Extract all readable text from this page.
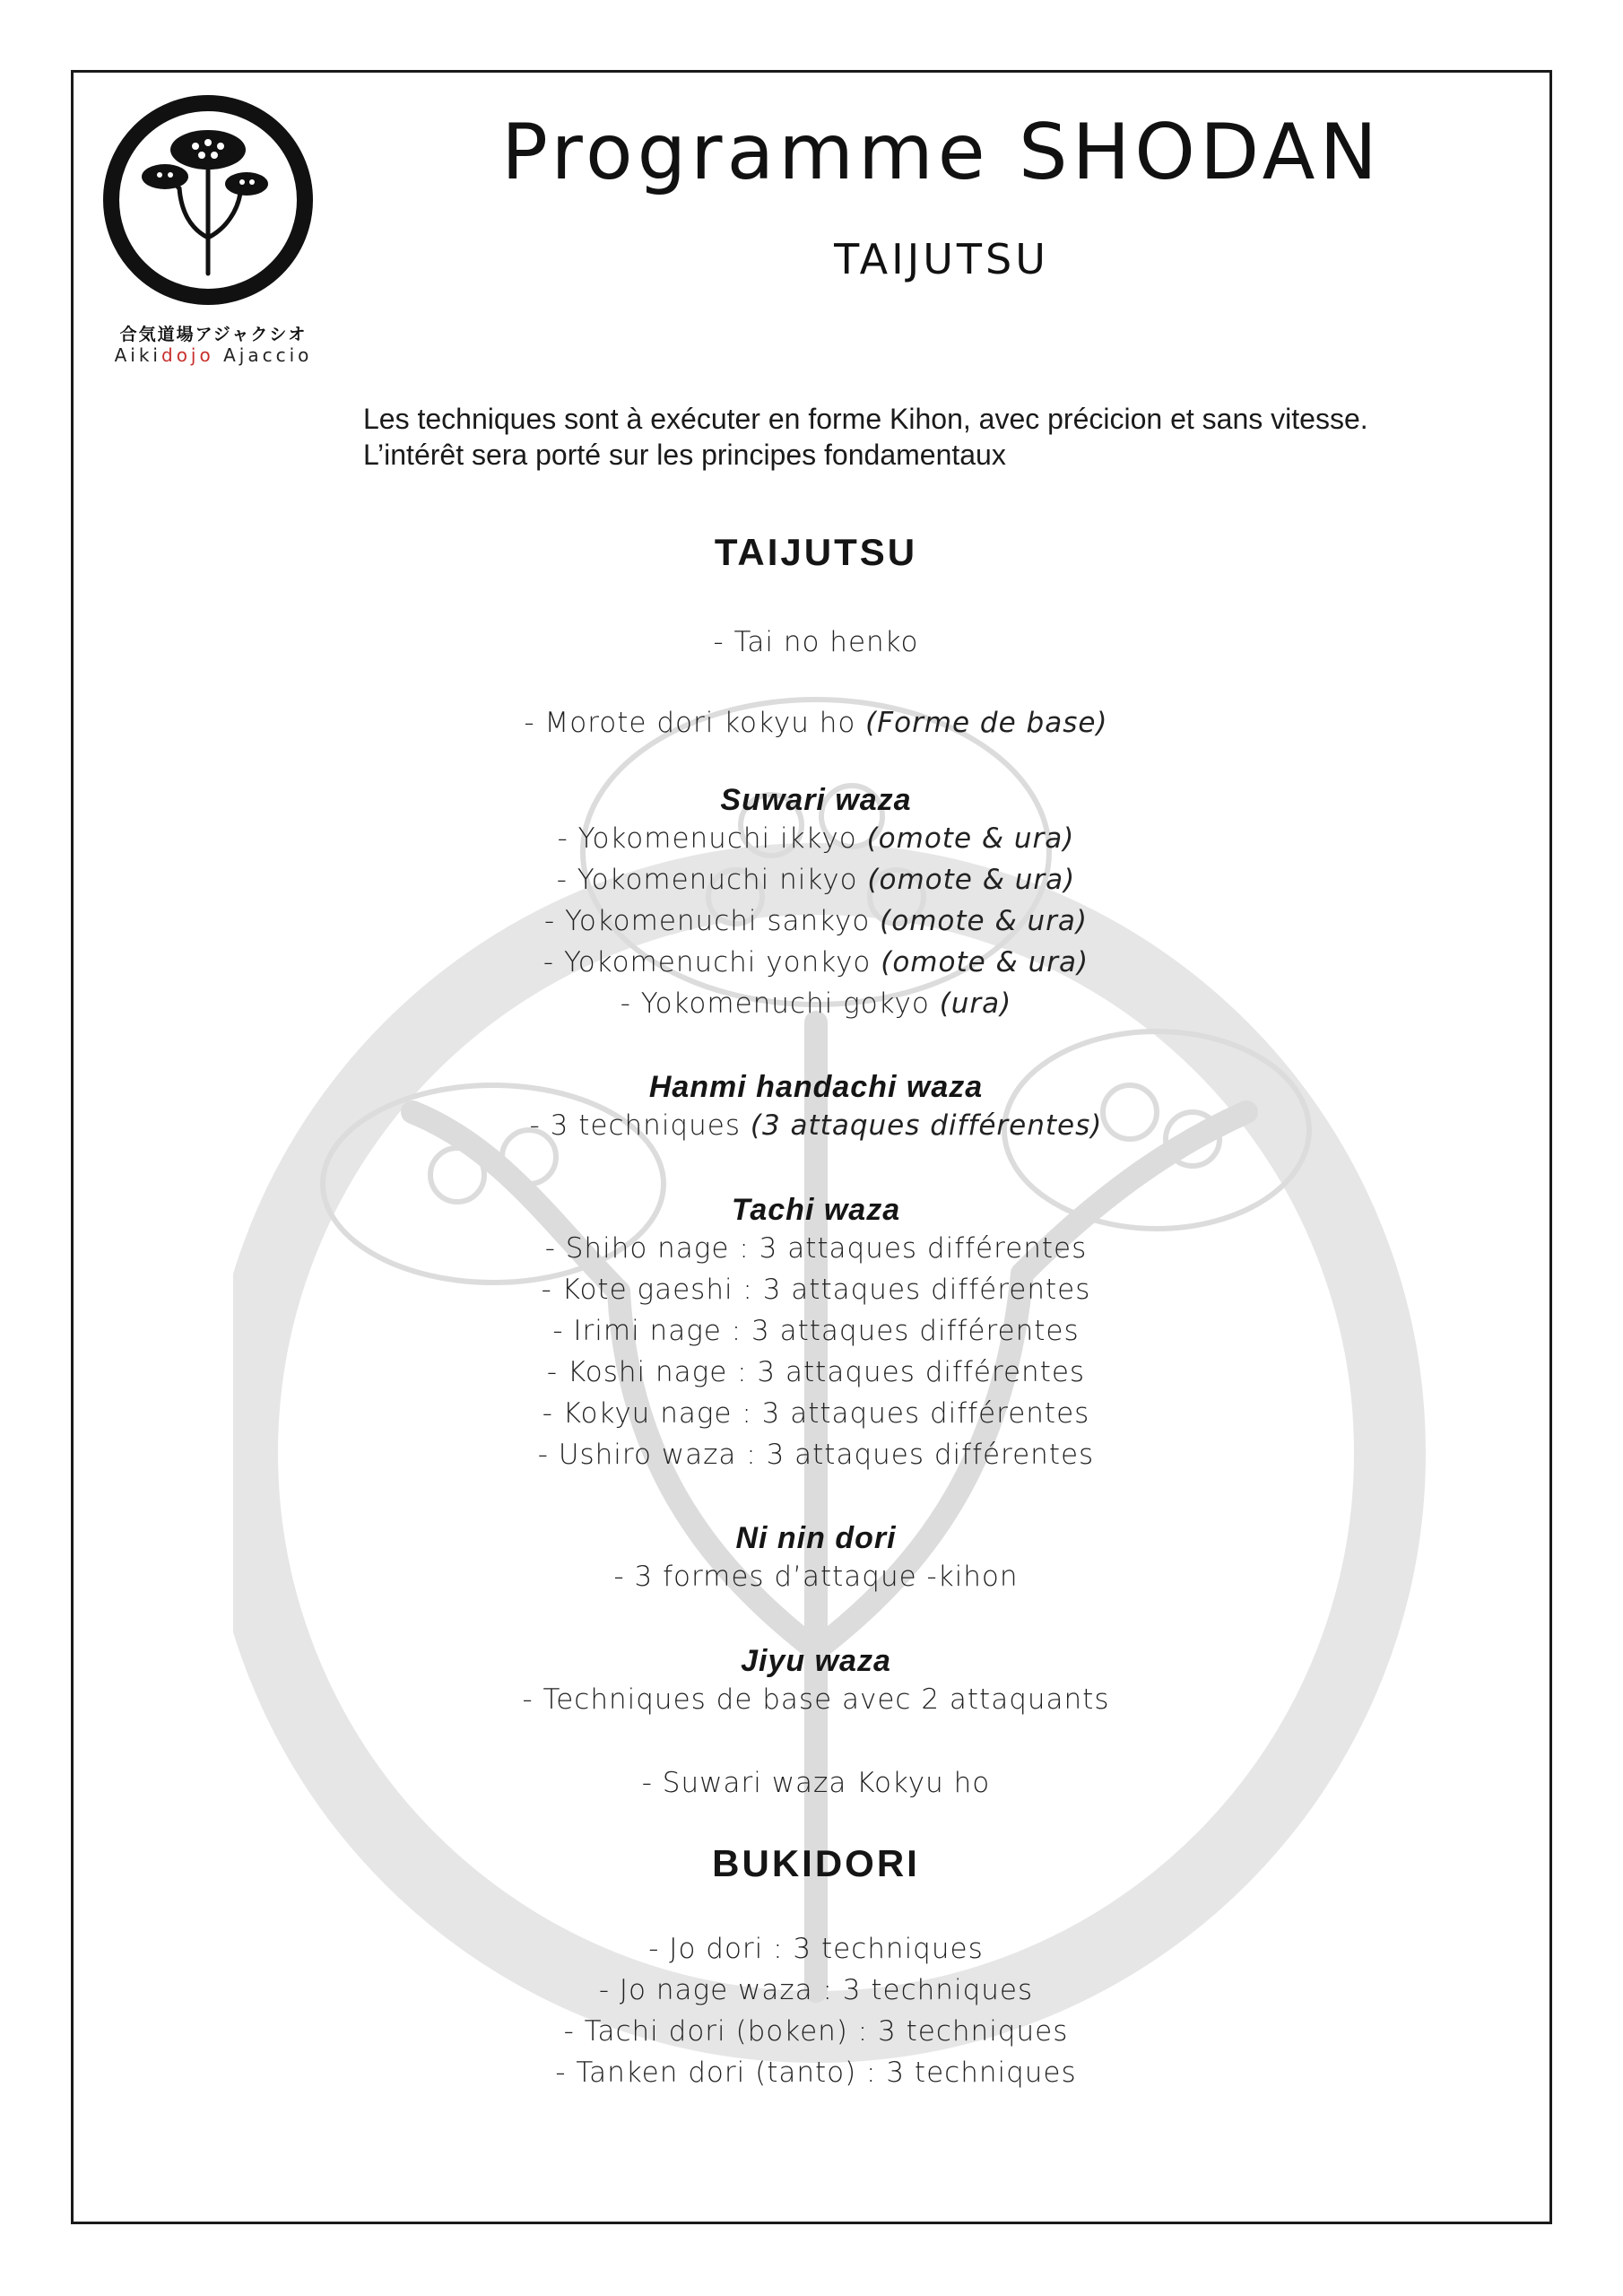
合気道場アジャクシオ
Aikidojo Ajaccio
Programme SHODAN
TAIJUTSU
Les techniques sont à exécuter en forme Kihon, avec précicion et sans vitesse.
L’intérêt sera porté sur les principes fondamentaux
TAIJUTSU
- Tai no henko
- Morote dori kokyu ho (Forme de base)
Suwari waza
- Yokomenuchi ikkyo (omote & ura)
- Yokomenuchi nikyo (omote & ura)
- Yokomenuchi sankyo (omote & ura)
- Yokomenuchi yonkyo (omote & ura)
- Yokomenuchi gokyo (ura)
Hanmi handachi waza
- 3 techniques (3 attaques différentes)
Tachi waza
- Shiho nage : 3 attaques différentes
- Kote gaeshi : 3 attaques différentes
- Irimi nage : 3 attaques différentes
- Koshi nage : 3 attaques différentes
- Kokyu nage : 3 attaques différentes
- Ushiro waza : 3 attaques différentes
Ni nin dori
- 3 formes d’attaque -kihon
Jiyu waza
- Techniques de base avec 2 attaquants
- Suwari waza Kokyu ho
BUKIDORI
- Jo dori : 3 techniques
- Jo nage waza : 3 techniques
- Tachi dori (boken) : 3 techniques
- Tanken dori (tanto) : 3 techniques
